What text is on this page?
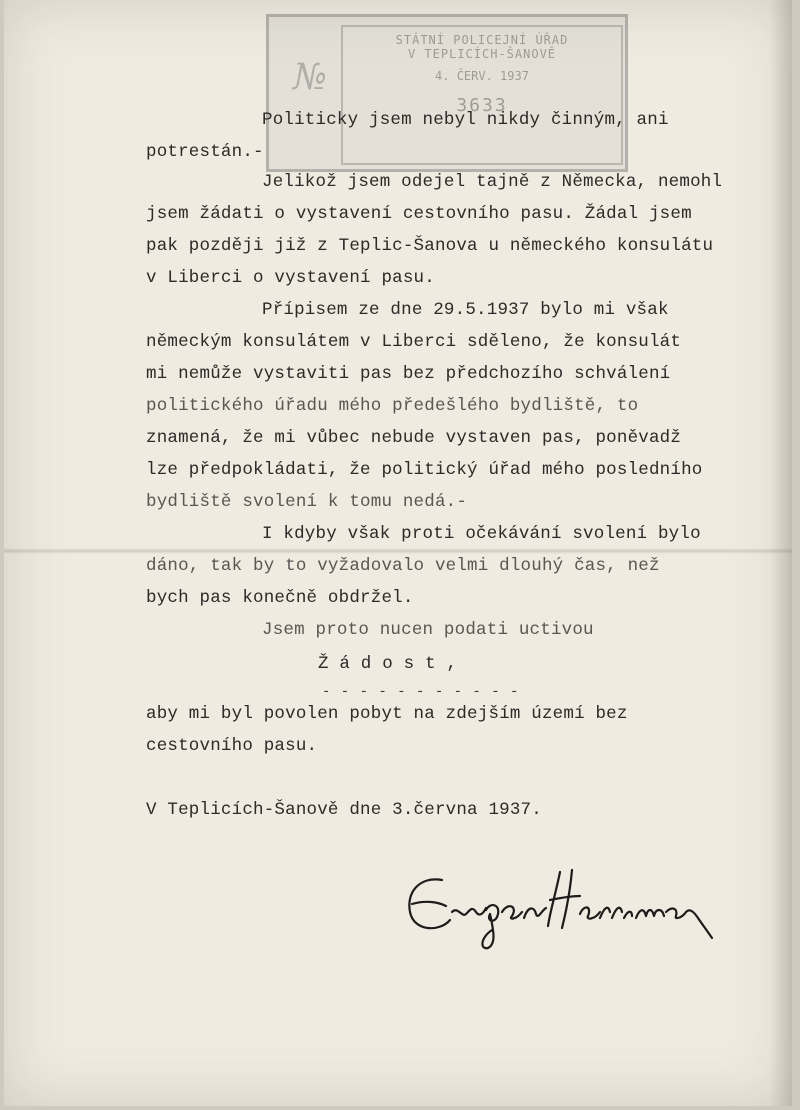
№
STÁTNÍ POLICEJNÍ ÚŘAD
V TEPLICÍCH-ŠANOVĚ
4. ČERV. 1937
3633
Politicky jsem nebyl nikdy činným, ani
potrestán.-
Jelikož jsem odejel tajně z Německa, nemohl
jsem žádati o vystavení cestovního pasu. Žádal jsem
pak později již z Teplic-Šanova u německého konsulátu
v Liberci o vystavení pasu.
Přípisem ze dne 29.5.1937 bylo mi však
německým konsulátem v Liberci sděleno, že konsulát
mi nemůže vystaviti pas bez předchozího schválení
politického úřadu mého předešlého bydliště, to
znamená, že mi vůbec nebude vystaven pas, poněvadž
lze předpokládati, že politický úřad mého posledního
bydliště svolení k tomu nedá.-
I kdyby však proti očekávání svolení bylo
dáno, tak by to vyžadovalo velmi dlouhý čas, než
bych pas konečně obdržel.
Jsem proto nucen podati uctivou
Ž á d o s t ,
- - - - - - - - - - -
aby mi byl povolen pobyt na zdejším území bez
cestovního pasu.
V Teplicích-Šanově dne 3.června 1937.
